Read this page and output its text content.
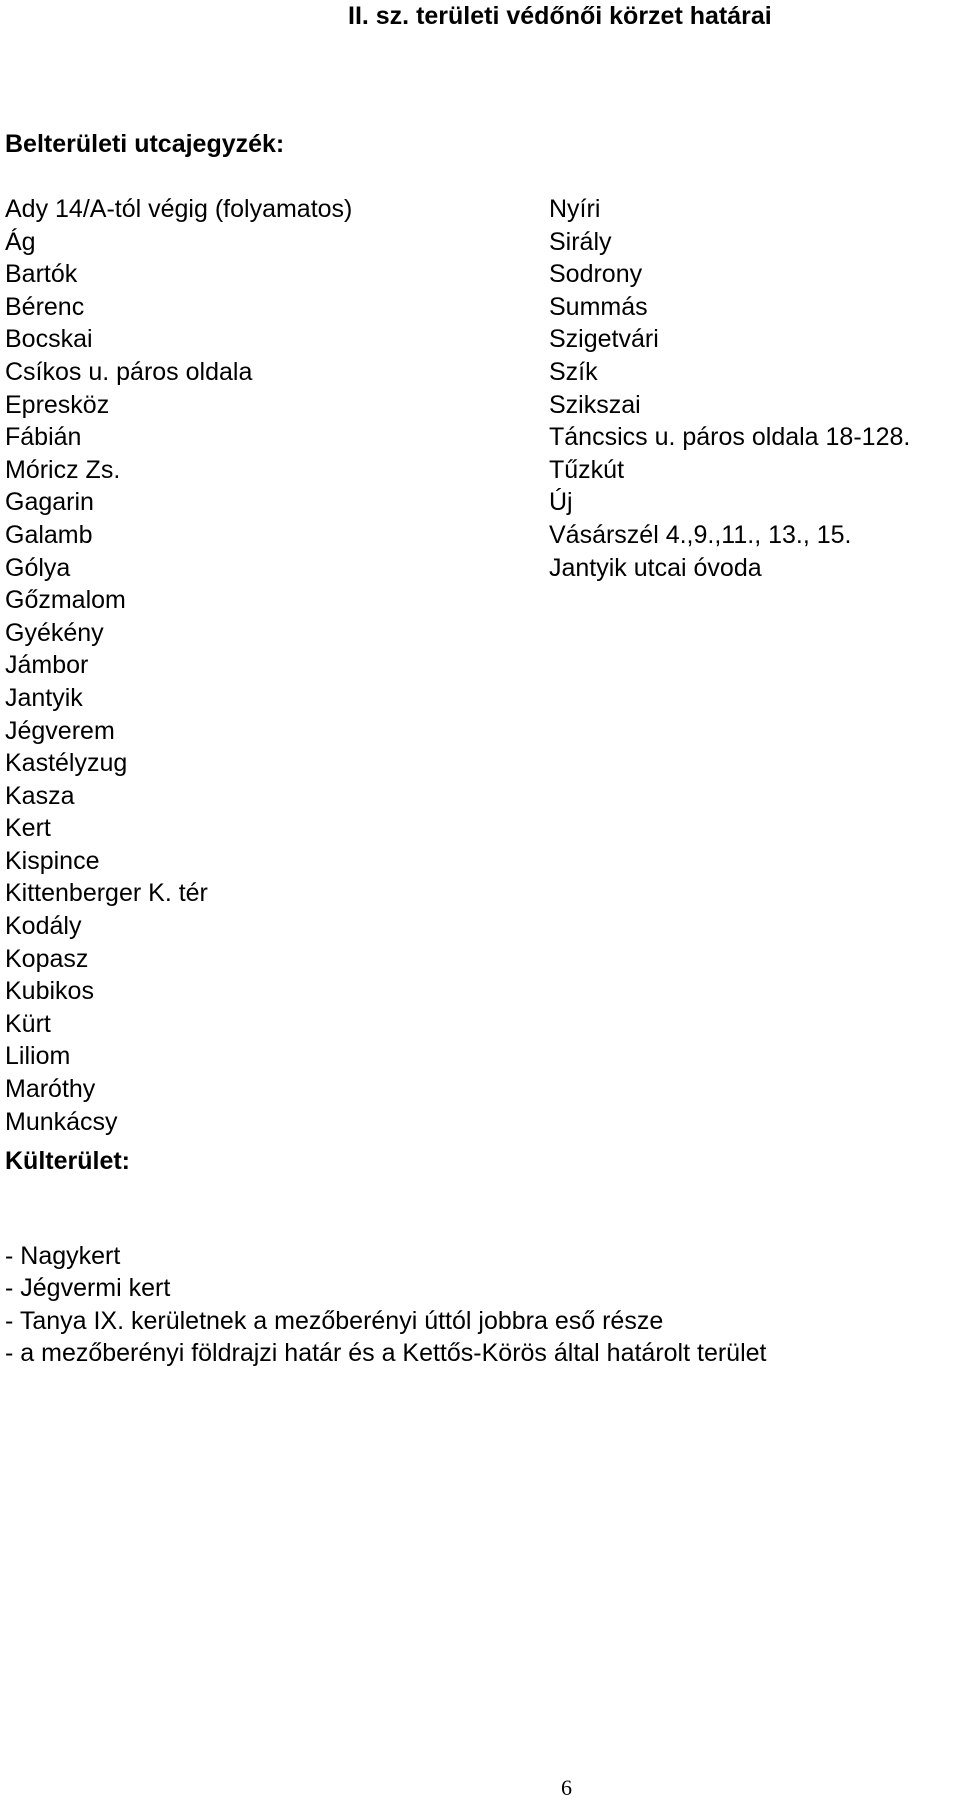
II. sz. területi védőnői körzet határai
Belterületi utcajegyzék:
Ady 14/A-tól végig (folyamatos)
Ág
Bartók
Bérenc
Bocskai
Csíkos u. páros oldala
Epresköz
Fábián
Móricz Zs.
Gagarin
Galamb
Gólya
Gőzmalom
Gyékény
Jámbor
Jantyik
Jégverem
Kastélyzug
Kasza
Kert
Kispince
Kittenberger K. tér
Kodály
Kopasz
Kubikos
Kürt
Liliom
Maróthy
Munkácsy
Nyíri
Sirály
Sodrony
Summás
Szigetvári
Szík
Szikszai
Táncsics u. páros oldala 18-128.
Tűzkút
Új
Vásárszél 4.,9.,11., 13., 15.
Jantyik utcai óvoda
Külterület:
- Nagykert
- Jégvermi kert
- Tanya IX. kerületnek a mezőberényi úttól jobbra eső része
- a mezőberényi földrajzi határ és a Kettős-Körös által határolt terület
6
